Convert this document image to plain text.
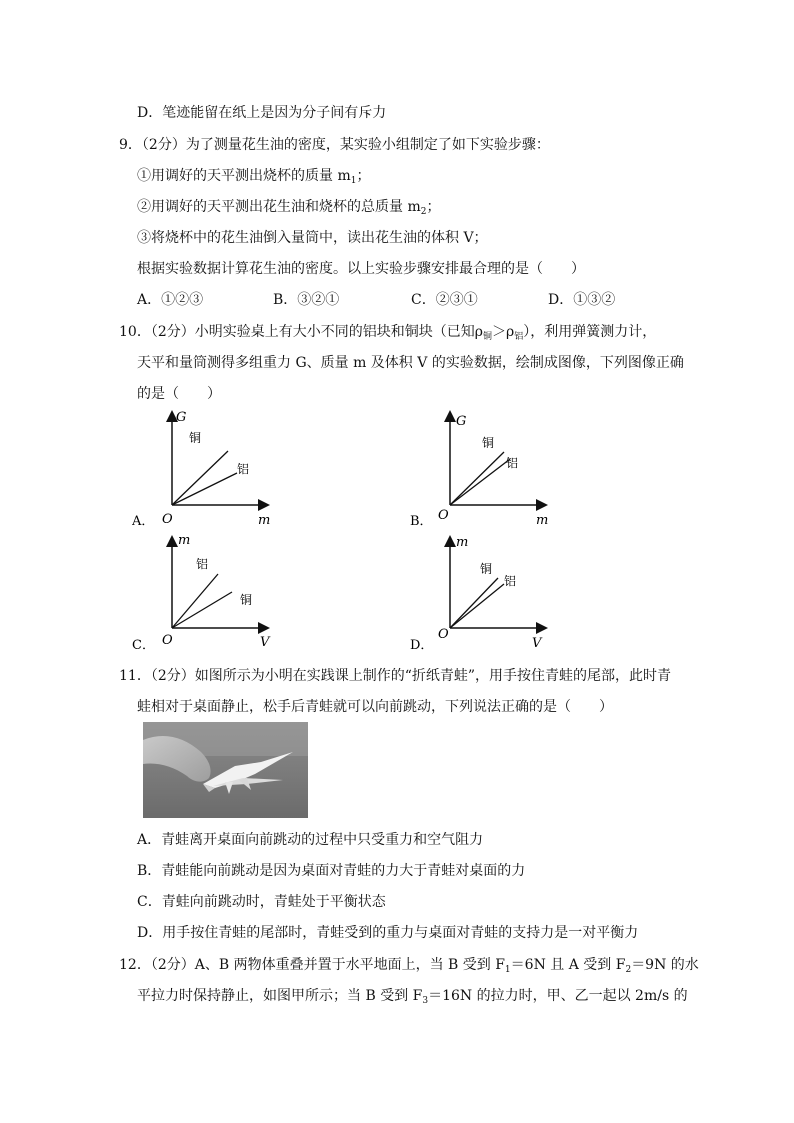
D．笔迹能留在纸上是因为分子间有斥力
9．（2分）为了测量花生油的密度，某实验小组制定了如下实验步骤：
①用调好的天平测出烧杯的质量 $m_1$；
②用调好的天平测出花生油和烧杯的总质量 $m_2$；
③将烧杯中的花生油倒入量筒中，读出花生油的体积 V；
根据实验数据计算花生油的密度。以上实验步骤安排最合理的是（　　）
A．①②③	B．③②①	C．②③①	D．①③②
10．（2分）小明实验桌上有大小不同的铝块和铜块（已知$\rho_铜>\rho_铝$），利用弹簧测力计，
天平和量筒测得多组重力 G、质量 m 及体积 V 的实验数据，绘制成图像，下列图像正确
的是（　　）
A．
G
m
O
铜
铝
B．
G
m
O
铜
铝
C．
m
V
O
铝
铜
D．
m
V
O
铜
铝
11．（2分）如图所示为小明在实践课上制作的“折纸青蛙”，用手按住青蛙的尾部，此时青
蛙相对于桌面静止，松手后青蛙就可以向前跳动，下列说法正确的是（　　）
A．青蛙离开桌面向前跳动的过程中只受重力和空气阻力
B．青蛙能向前跳动是因为桌面对青蛙的力大于青蛙对桌面的力
C．青蛙向前跳动时，青蛙处于平衡状态
D．用手按住青蛙的尾部时，青蛙受到的重力与桌面对青蛙的支持力是一对平衡力
12．（2分）A、B 两物体重叠并置于水平地面上，当 B 受到 $F_1=6N$ 且 A 受到 $F_2=9N$ 的水
平拉力时保持静止，如图甲所示；当 B 受到 $F_3=16N$ 的拉力时，甲、乙一起以 2m/s 的
